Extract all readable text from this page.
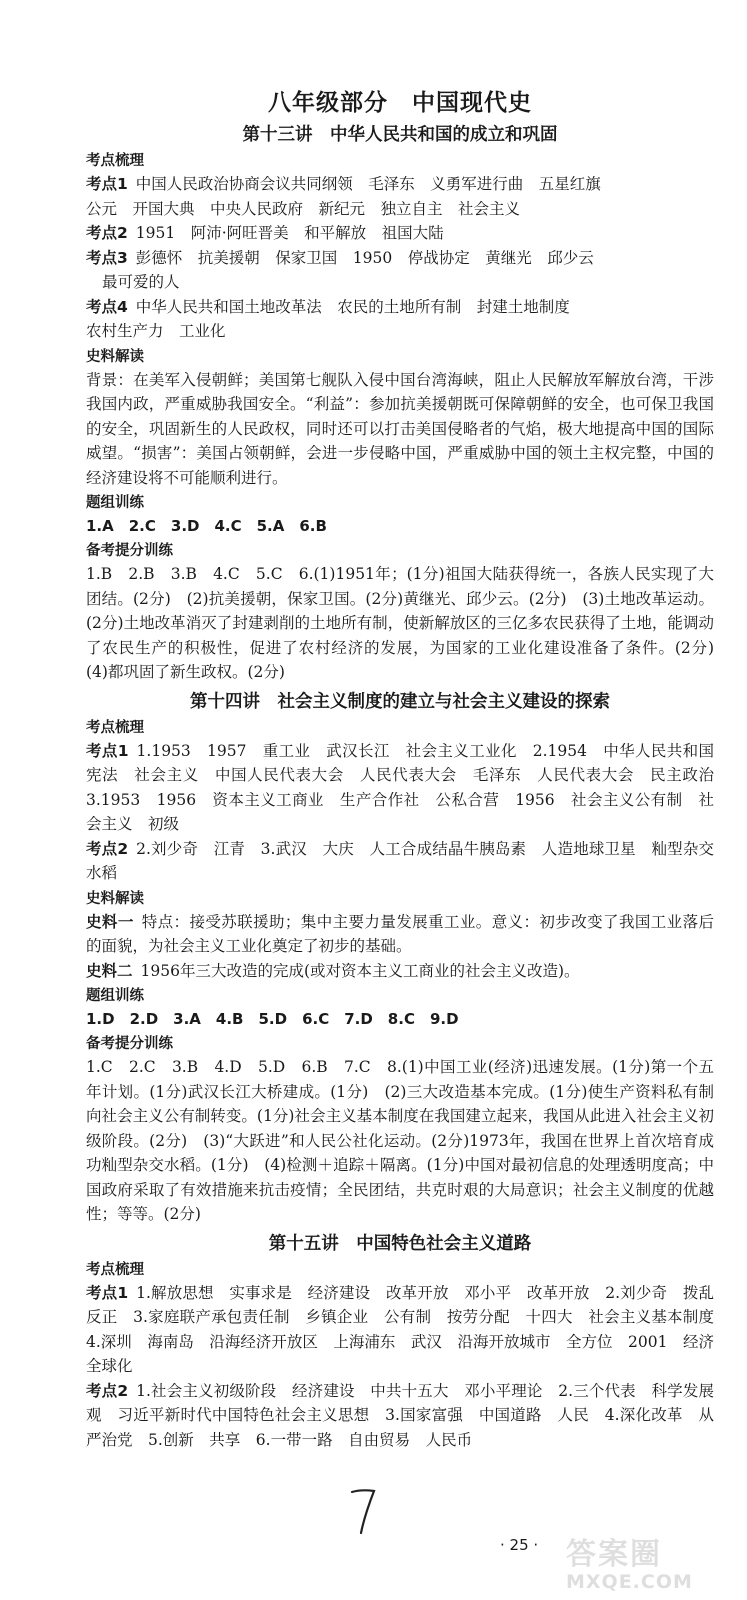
八年级部分　中国现代史
第十三讲　中华人民共和国的成立和巩固
考点梳理

考点1 中国人民政治协商会议共同纲领　毛泽东　义勇军进行曲　五星红旗

公元　开国大典　中央人民政府　新纪元　独立自主　社会主义

考点2 1951　阿沛·阿旺晋美　和平解放　祖国大陆

考点3 彭德怀　抗美援朝　保家卫国　1950　停战协定　黄继光　邱少云

最可爱的人

考点4 中华人民共和国土地改革法　农民的土地所有制　封建土地制度

农村生产力　工业化

史料解读

背景：在美军入侵朝鲜；美国第七舰队入侵中国台湾海峡，阻止人民解放军解放台湾，干涉我国内政，严重威胁我国安全。“利益”：参加抗美援朝既可保障朝鲜的安全，也可保卫我国的安全，巩固新生的人民政权，同时还可以打击美国侵略者的气焰，极大地提高中国的国际威望。“损害”：美国占领朝鲜，会进一步侵略中国，严重威胁中国的领土主权完整，中国的经济建设将不可能顺利进行。

题组训练

1.A　2.C　3.D　4.C　5.A　6.B

备考提分训练

1.B　2.B　3.B　4.C　5.C　6.(1)1951年；(1分)祖国大陆获得统一，各族人民实现了大团结。(2分)　(2)抗美援朝，保家卫国。(2分)黄继光、邱少云。(2分)　(3)土地改革运动。(2分)土地改革消灭了封建剥削的土地所有制，使新解放区的三亿多农民获得了土地，能调动了农民生产的积极性，促进了农村经济的发展，为国家的工业化建设准备了条件。(2分)　(4)都巩固了新生政权。(2分)

第十四讲　社会主义制度的建立与社会主义建设的探索
考点梳理

考点1 1.1953　1957　重工业　武汉长江　社会主义工业化　2.1954　中华人民共和国宪法　社会主义　中国人民代表大会　人民代表大会　毛泽东　人民代表大会　民主政治　3.1953　1956　资本主义工商业　生产合作社　公私合营　1956　社会主义公有制　社会主义　初级

考点2 2.刘少奇　江青　3.武汉　大庆　人工合成结晶牛胰岛素　人造地球卫星　籼型杂交水稻

史料解读

史料一 特点：接受苏联援助；集中主要力量发展重工业。意义：初步改变了我国工业落后的面貌，为社会主义工业化奠定了初步的基础。

史料二 1956年三大改造的完成(或对资本主义工商业的社会主义改造)。

题组训练

1.D　2.D　3.A　4.B　5.D　6.C　7.D　8.C　9.D

备考提分训练

1.C　2.C　3.B　4.D　5.D　6.B　7.C　8.(1)中国工业(经济)迅速发展。(1分)第一个五年计划。(1分)武汉长江大桥建成。(1分)　(2)三大改造基本完成。(1分)使生产资料私有制向社会主义公有制转变。(1分)社会主义基本制度在我国建立起来，我国从此进入社会主义初级阶段。(2分)　(3)“大跃进”和人民公社化运动。(2分)1973年，我国在世界上首次培育成功籼型杂交水稻。(1分)　(4)检测＋追踪＋隔离。(1分)中国对最初信息的处理透明度高；中国政府采取了有效措施来抗击疫情；全民团结，共克时艰的大局意识；社会主义制度的优越性；等等。(2分)

第十五讲　中国特色社会主义道路
考点梳理

考点1 1.解放思想　实事求是　经济建设　改革开放　邓小平　改革开放　2.刘少奇　拨乱反正　3.家庭联产承包责任制　乡镇企业　公有制　按劳分配　十四大　社会主义基本制度　4.深圳　海南岛　沿海经济开放区　上海浦东　武汉　沿海开放城市　全方位　2001　经济全球化

考点2 1.社会主义初级阶段　经济建设　中共十五大　邓小平理论　2.三个代表　科学发展观　习近平新时代中国特色社会主义思想　3.国家富强　中国道路　人民　4.深化改革　从严治党　5.创新　共享　6.一带一路　自由贸易　人民币

· 25 · 答案圈
MXQE.COM
